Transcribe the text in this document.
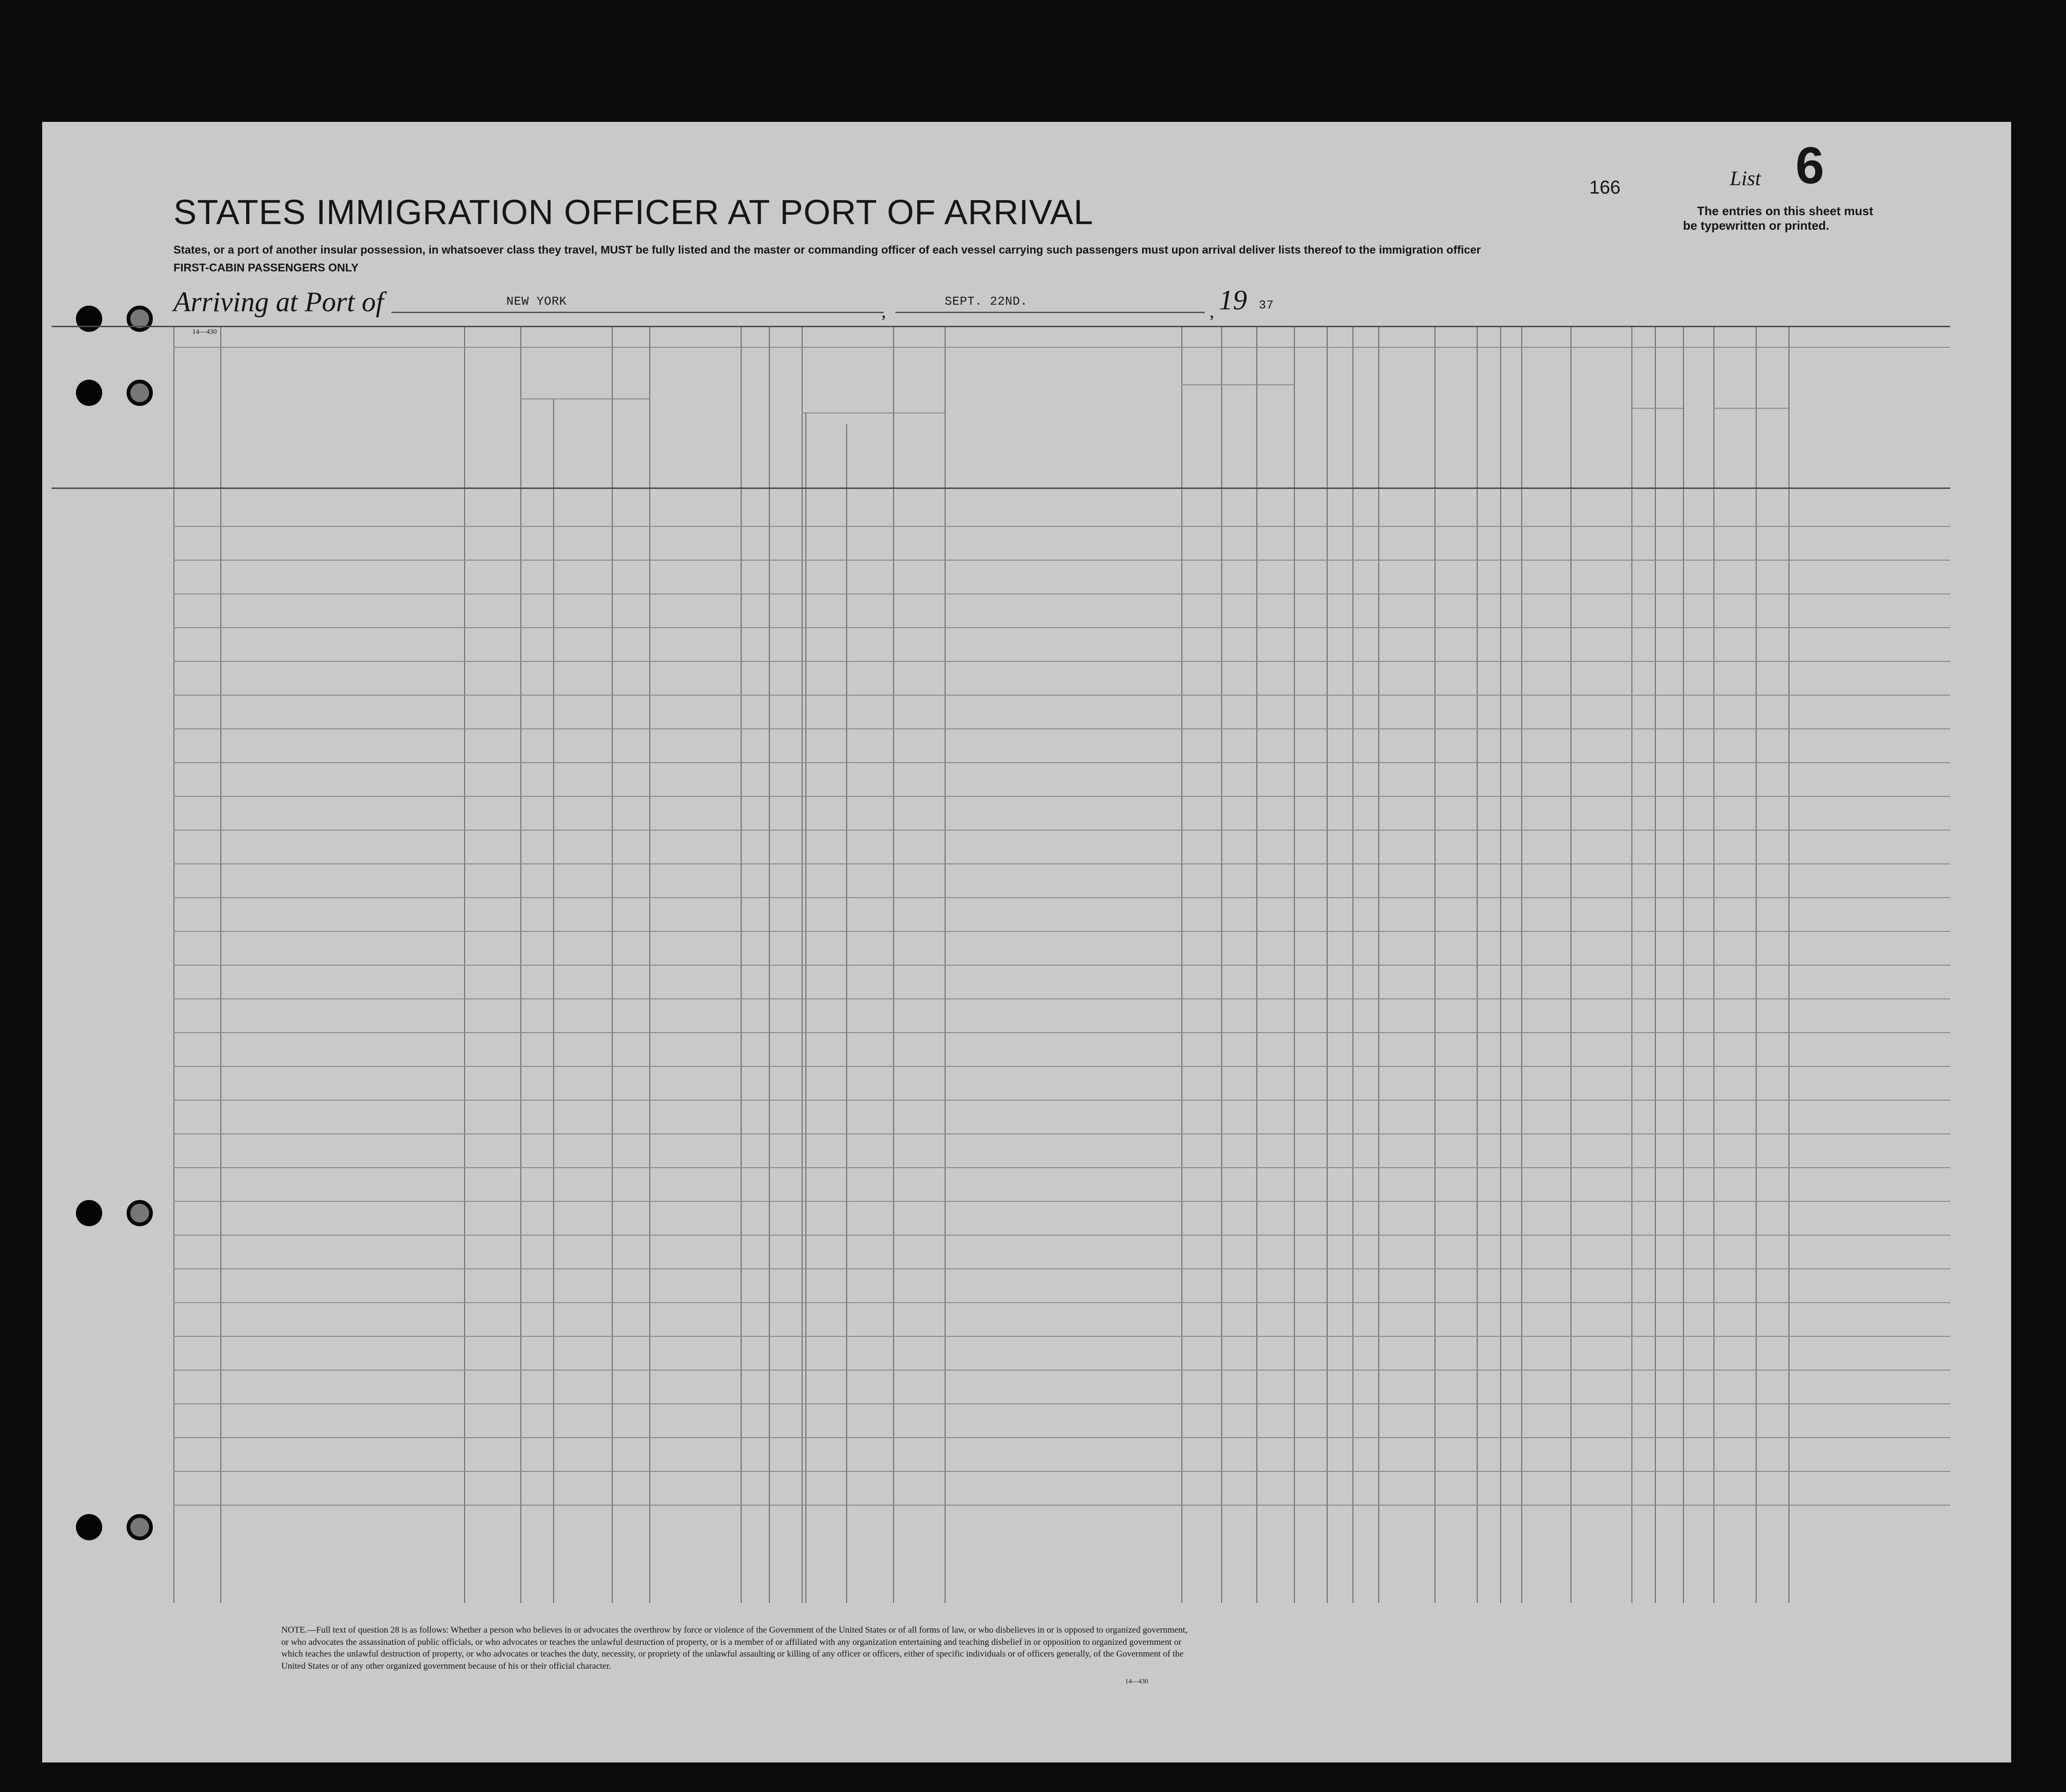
STATES IMMIGRATION OFFICER AT PORT OF ARRIVAL
166	List 6
The entries on this sheet must
be typewritten or printed.
States, or a port of another insular possession, in whatsoever class they travel, MUST be fully listed and the master or commanding officer of each vessel carrying such passengers must upon arrival deliver lists thereof to the immigration officer
FIRST-CABIN PASSENGERS ONLY
Arriving at Port of	NEW YORK	,	SEPT. 22ND.	, 19 37
14—430
NOTE.—Full text of question 28 is as follows: Whether a person who believes in or advocates the overthrow by force or violence of the Government of the United States or of all forms of law, or who disbelieves in or is opposed to organized government, or who advocates the assassination of public officials, or who advocates or teaches the unlawful destruction of property, or is a member of or affiliated with any organization entertaining and teaching disbelief in or opposition to organized government or which teaches the unlawful destruction of property, or who advocates or teaches the duty, necessity, or propriety of the unlawful assaulting or killing of any officer or officers, either of specific individuals or of officers generally, of the Government of the United States or of any other organized government because of his or their official character.
14—430
